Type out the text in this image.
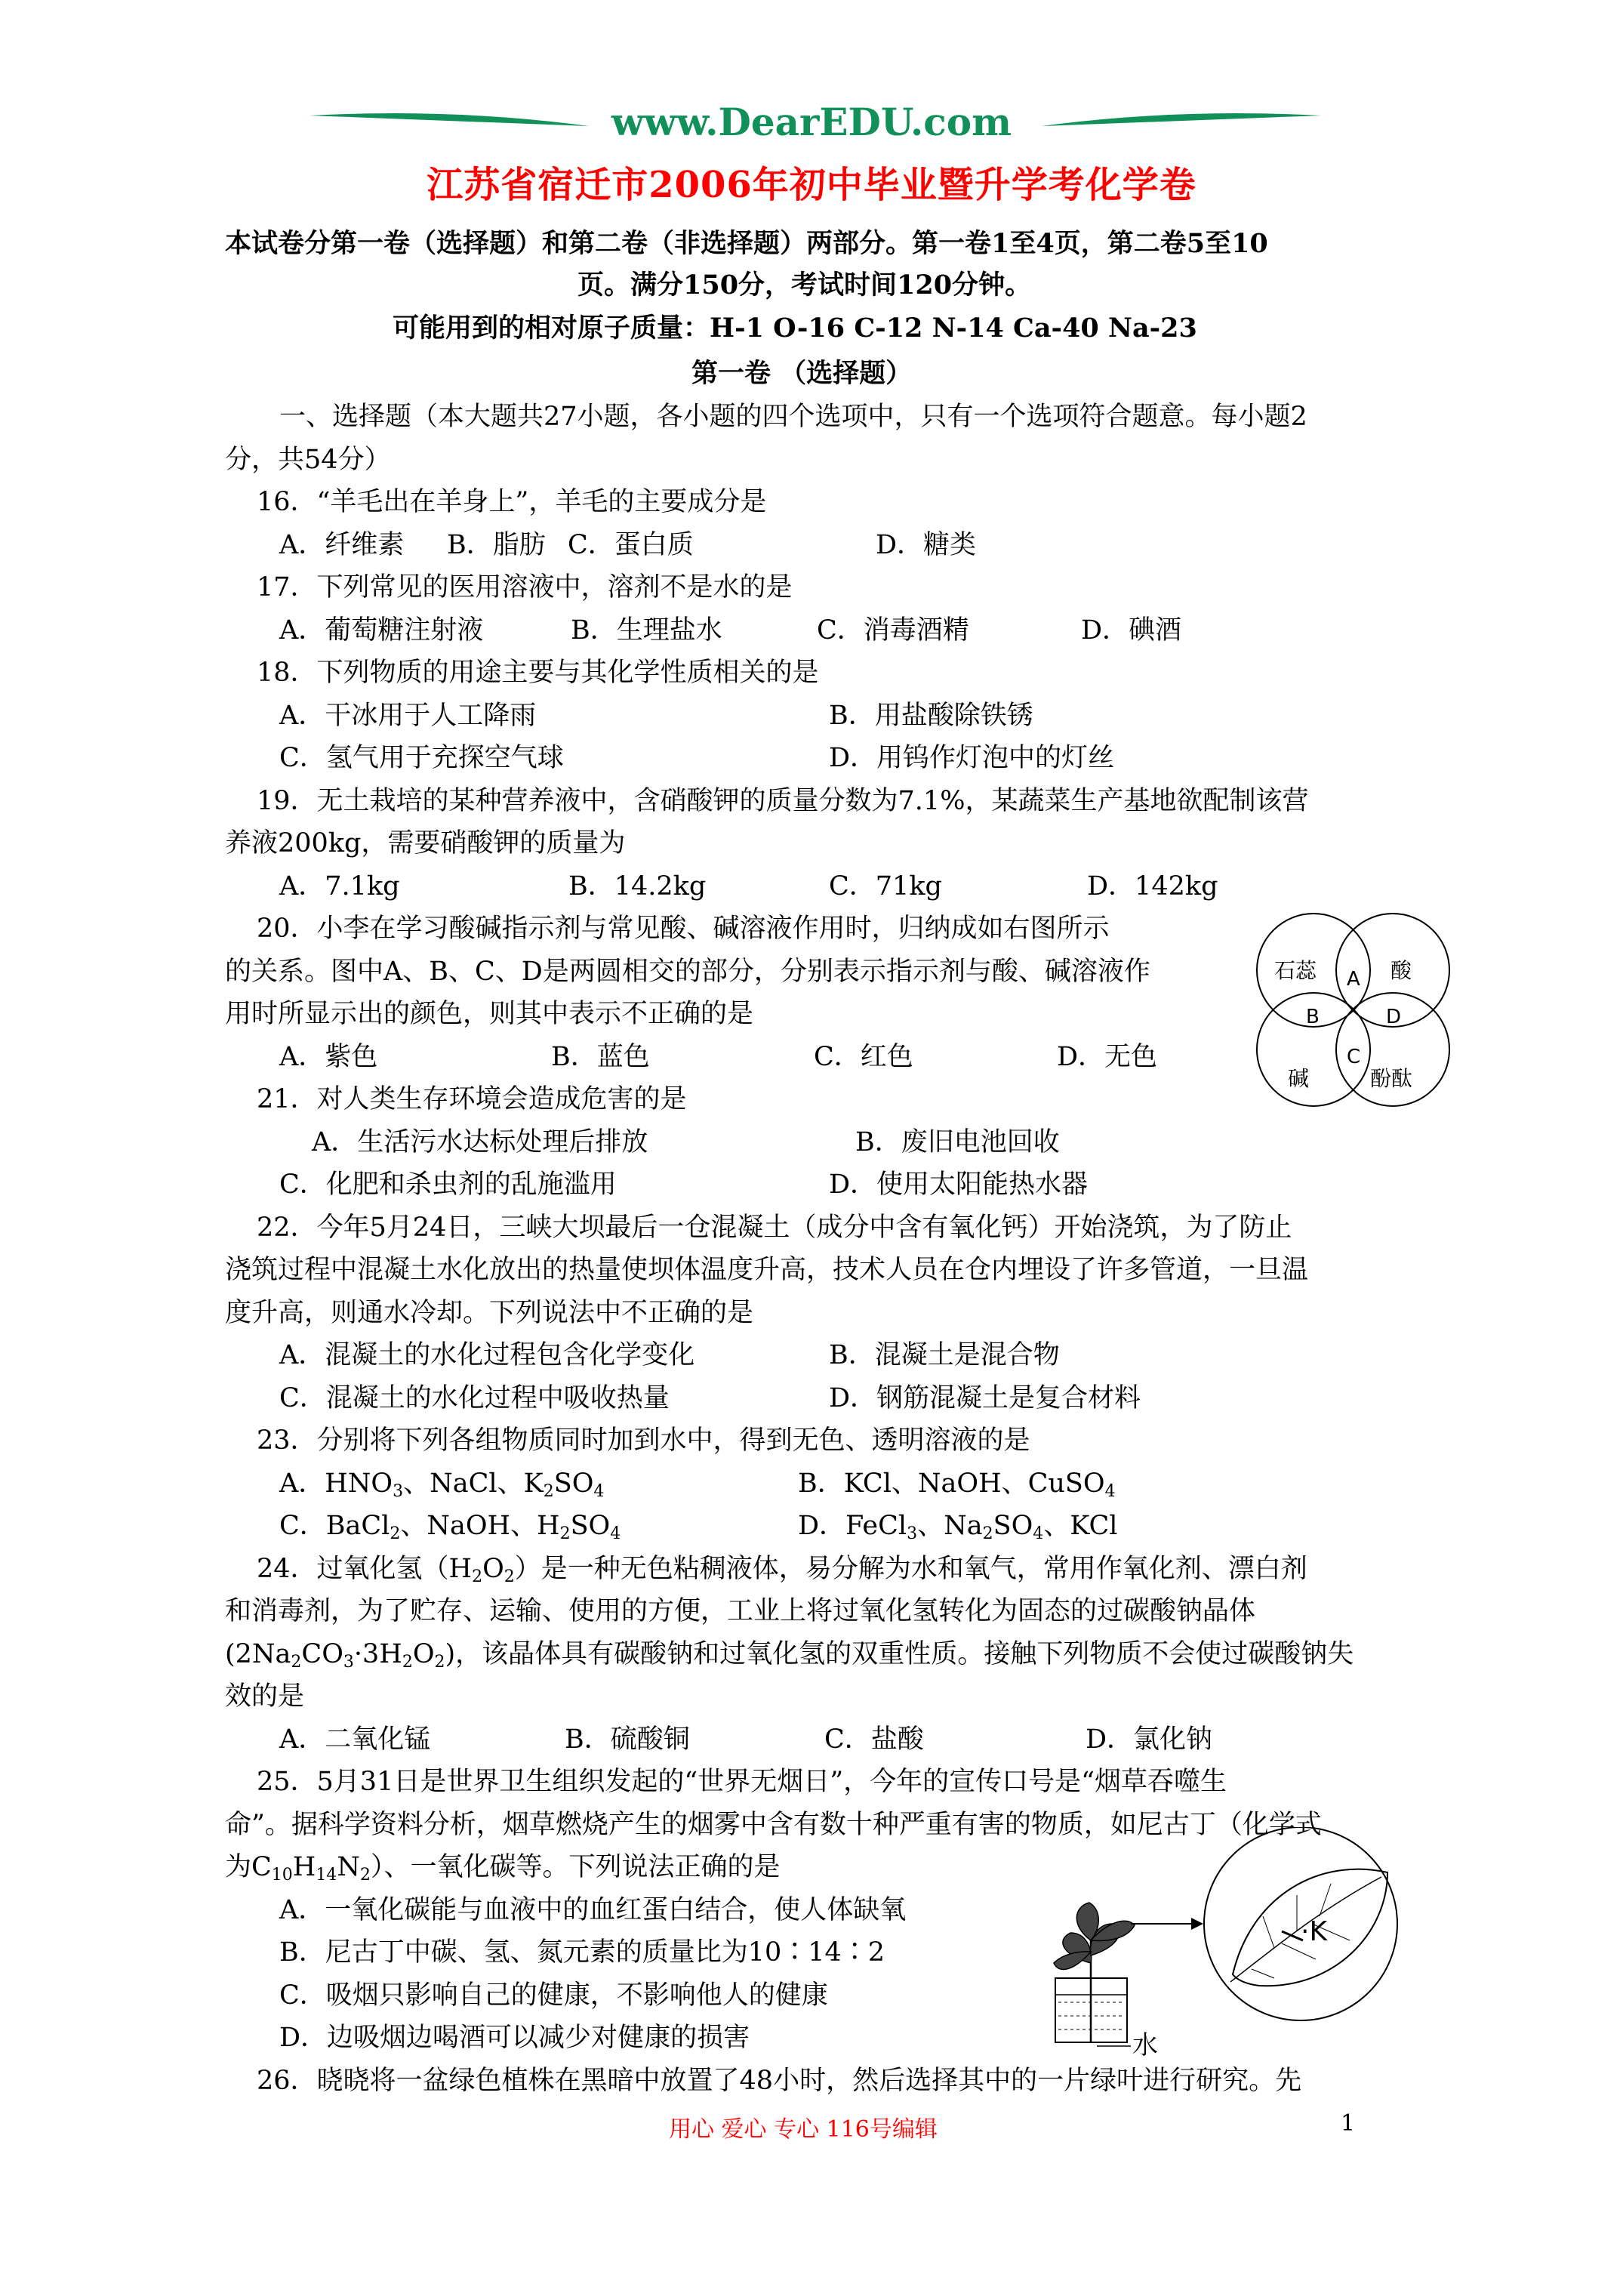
www.DearEDU.com
江苏省宿迁市2006年初中毕业暨升学考化学卷
本试卷分第一卷（选择题）和第二卷（非选择题）两部分。第一卷1至4页，第二卷5至10
页。满分150分，考试时间120分钟。
可能用到的相对原子质量：H-1 O-16 C-12 N-14 Ca-40 Na-23
第一卷 （选择题）
一、选择题（本大题共27小题，各小题的四个选项中，只有一个选项符合题意。每小题2
分，共54分）
16．“羊毛出在羊身上”，羊毛的主要成分是
A．纤维素 B．脂肪 C．蛋白质	D．糖类
17．下列常见的医用溶液中，溶剂不是水的是
A．葡萄糖注射液	B．生理盐水	C．消毒酒精	D．碘酒
18．下列物质的用途主要与其化学性质相关的是
A．干冰用于人工降雨	B．用盐酸除铁锈
C．氢气用于充探空气球	D．用钨作灯泡中的灯丝
19．无土栽培的某种营养液中，含硝酸钾的质量分数为7.1%，某蔬菜生产基地欲配制该营
养液200kg，需要硝酸钾的质量为
A．7.1kg	B．14.2kg	C．71kg	D．142kg
20．小李在学习酸碱指示剂与常见酸、碱溶液作用时，归纳成如右图所示
的关系。图中A、B、C、D是两圆相交的部分，分别表示指示剂与酸、碱溶液作
用时所显示出的颜色，则其中表示不正确的是
A．紫色	B．蓝色	C．红色	D．无色
石蕊	酸
碱	酚酞
A
B
C
D
21．对人类生存环境会造成危害的是
A．生活污水达标处理后排放	B．废旧电池回收
C．化肥和杀虫剂的乱施滥用	D．使用太阳能热水器
22．今年5月24日，三峡大坝最后一仓混凝土（成分中含有氧化钙）开始浇筑，为了防止
浇筑过程中混凝土水化放出的热量使坝体温度升高，技术人员在仓内埋设了许多管道，一旦温
度升高，则通水冷却。下列说法中不正确的是
A．混凝土的水化过程包含化学变化	B．混凝土是混合物
C．混凝土的水化过程中吸收热量	D．钢筋混凝土是复合材料
23．分别将下列各组物质同时加到水中，得到无色、透明溶液的是
A．$HNO_3$、NaCl、$K_2SO_4$	B．KCl、NaOH、CuSO$_4$
C．BaCl$_2$、NaOH、$H_2SO_4$	D．FeCl$_3$、$Na_2SO_4$、KCl
24．过氧化氢$(H_2O_2)$是一种无色粘稠液体，易分解为水和氧气，常用作氧化剂、漂白剂
和消毒剂，为了贮存、运输、使用的方便，工业上将过氧化氢转化为固态的过碳酸钠晶体
$(2Na_2CO_3\cdot 3H_2O_2)$，该晶体具有碳酸钠和过氧化氢的双重性质。接触下列物质不会使过碳酸钠失
效的是
A．二氧化锰	B．硫酸铜	C．盐酸	D．氯化钠
25．5月31日是世界卫生组织发起的“世界无烟日”，今年的宣传口号是“烟草吞噬生
命”。据科学资料分析，烟草燃烧产生的烟雾中含有数十种严重有害的物质，如尼古丁（化学式
为$C_{10}H_{14}N_2$）、一氧化碳等。下列说法正确的是
A．一氧化碳能与血液中的血红蛋白结合，使人体缺氧
B．尼古丁中碳、氢、氮元素的质量比为10∶14∶2
C．吸烟只影响自己的健康，不影响他人的健康
D．边吸烟边喝酒可以减少对健康的损害
·K
水
26．晓晓将一盆绿色植株在黑暗中放置了48小时，然后选择其中的一片绿叶进行研究。先
用心 爱心 专心 116号编辑	1
